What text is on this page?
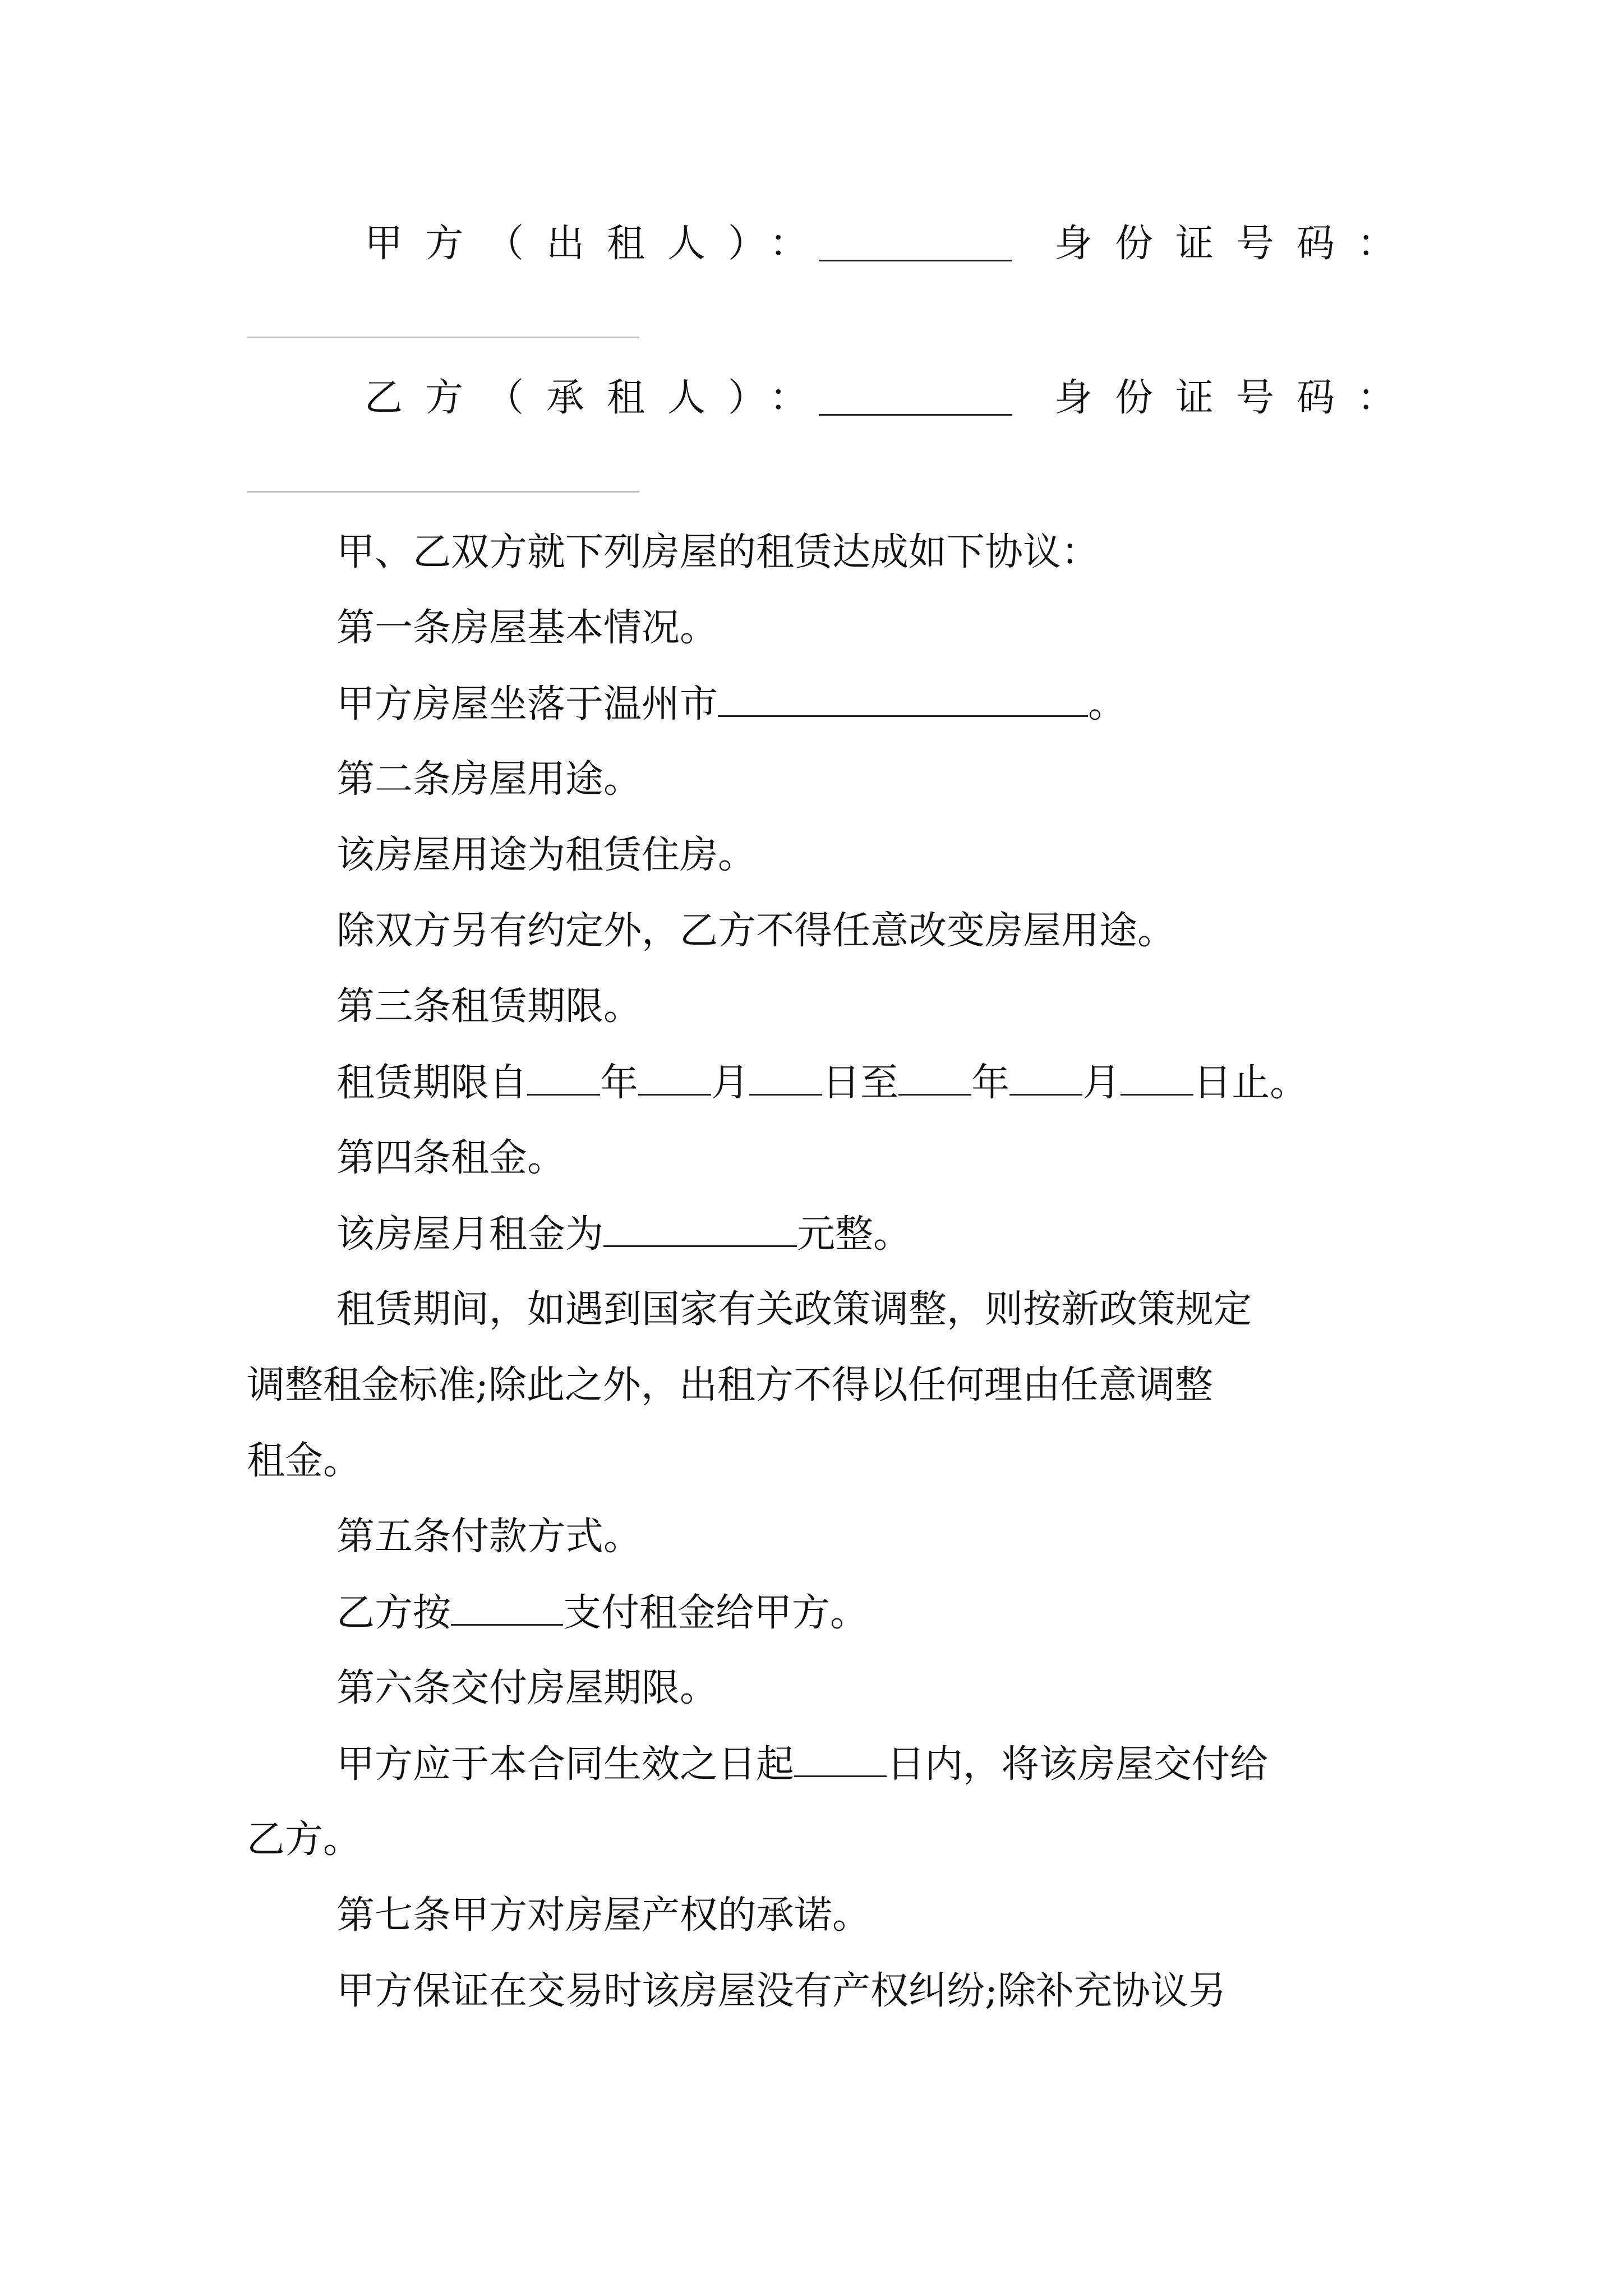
甲方（出租人）：	身份证号码：
乙方（承租人）：	身份证号码：
甲、乙双方就下列房屋的租赁达成如下协议：
第一条房屋基本情况。
甲方房屋坐落于温州市	。
第二条房屋用途。
该房屋用途为租赁住房。
除双方另有约定外，乙方不得任意改变房屋用途。
第三条租赁期限。
租赁期限自 年 月 日至 年 月 日止。
第四条租金。
该房屋月租金为	元整。
租赁期间，如遇到国家有关政策调整，则按新政策规定
调整租金标准;除此之外，出租方不得以任何理由任意调整
租金。
第五条付款方式。
乙方按	支付租金给甲方。
第六条交付房屋期限。
甲方应于本合同生效之日起 日内，将该房屋交付给
乙方。
第七条甲方对房屋产权的承诺。
甲方保证在交易时该房屋没有产权纠纷;除补充协议另
